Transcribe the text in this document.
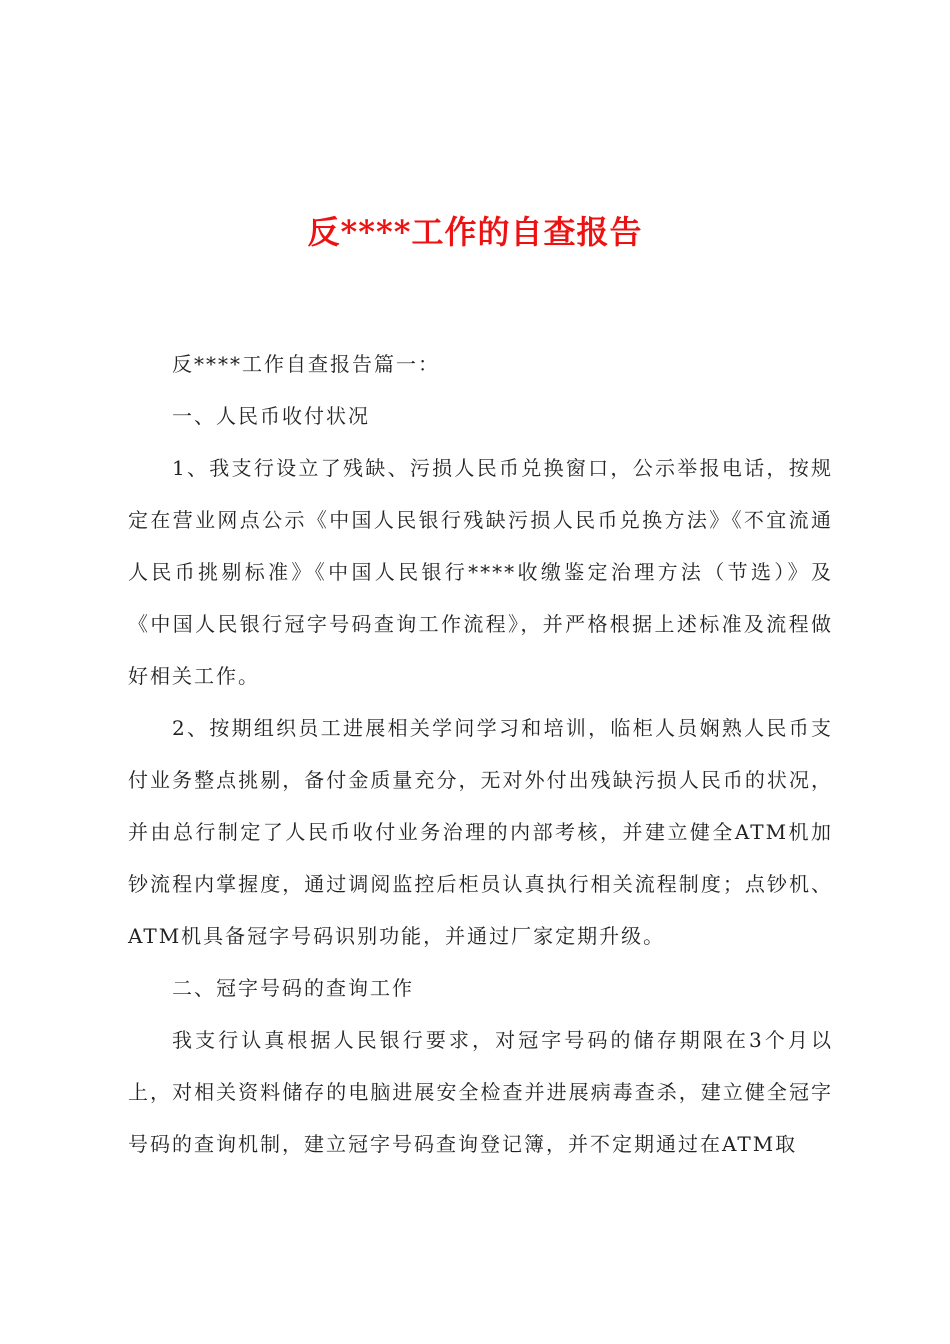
反****工作的自查报告

反****工作自查报告篇一：

一、人民币收付状况

1、我支行设立了残缺、污损人民币兑换窗口，公示举报电话，按规定在营业网点公示《中国人民银行残缺污损人民币兑换方法》《不宜流通人民币挑剔标准》《中国人民银行****收缴鉴定治理方法（节选）》及《中国人民银行冠字号码查询工作流程》，并严格根据上述标准及流程做好相关工作。

2、按期组织员工进展相关学问学习和培训，临柜人员娴熟人民币支付业务整点挑剔，备付金质量充分，无对外付出残缺污损人民币的状况，并由总行制定了人民币收付业务治理的内部考核，并建立健全ATM机加钞流程内掌握度，通过调阅监控后柜员认真执行相关流程制度；点钞机、ATM机具备冠字号码识别功能，并通过厂家定期升级。

二、冠字号码的查询工作

我支行认真根据人民银行要求，对冠字号码的储存期限在3个月以上，对相关资料储存的电脑进展安全检查并进展病毒查杀，建立健全冠字号码的查询机制，建立冠字号码查询登记簿，并不定期通过在ATM取
